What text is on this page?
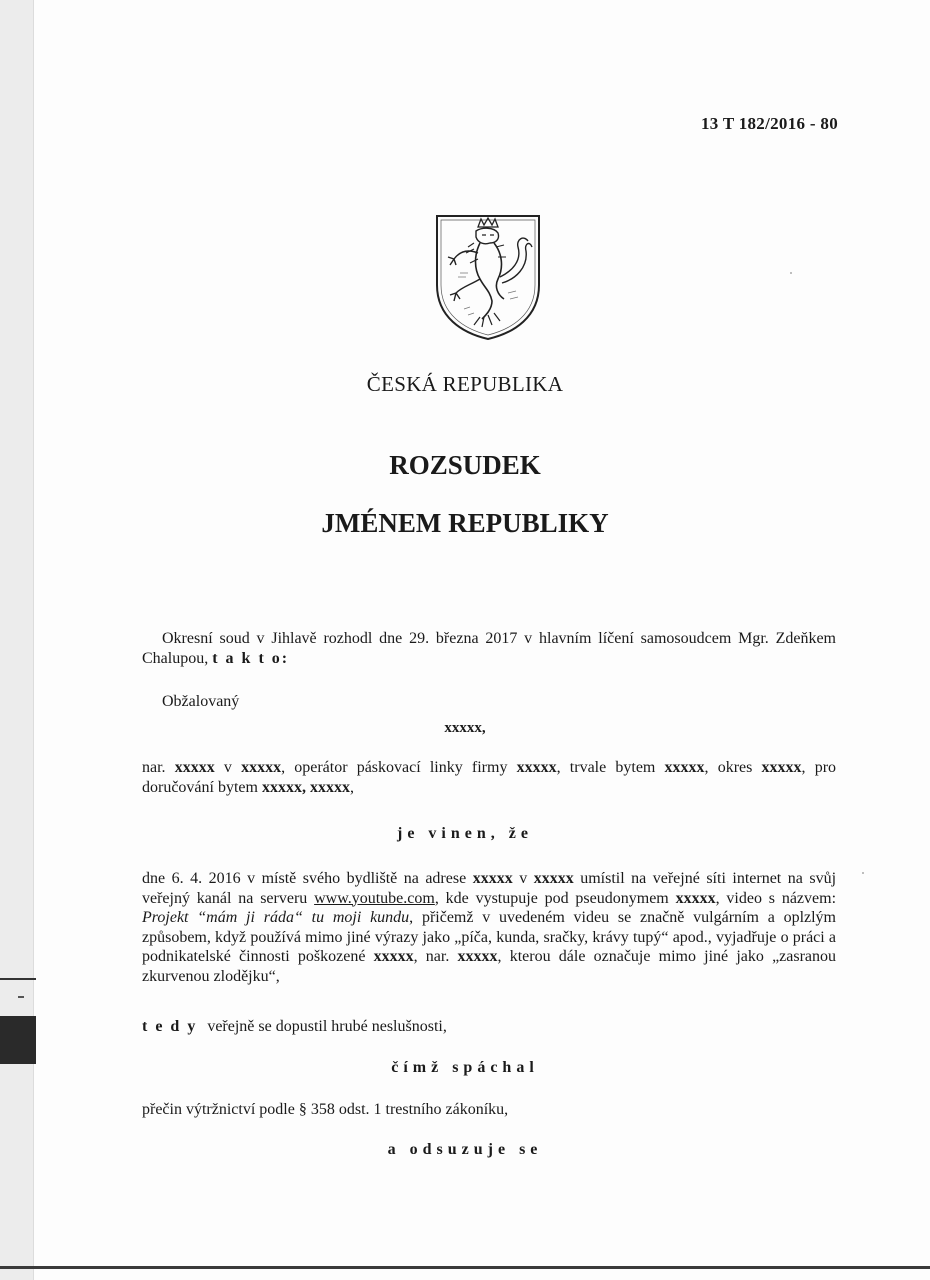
13 T 182/2016 - 80
ČESKÁ REPUBLIKA
ROZSUDEK
JMÉNEM REPUBLIKY
Okresní soud v Jihlavě rozhodl dne 29. března 2017 v hlavním líčení samosoudcem Mgr. Zdeňkem Chalupou, t a k t o:
Obžalovaný
xxxxx,
nar. xxxxx v xxxxx, operátor páskovací linky firmy xxxxx, trvale bytem xxxxx, okres xxxxx, pro doručování bytem xxxxx, xxxxx,
je vinen, že
dne 6. 4. 2016 v místě svého bydliště na adrese xxxxx v xxxxx umístil na veřejné síti internet na svůj veřejný kanál na serveru www.youtube.com, kde vystupuje pod pseudonymem xxxxx, video s názvem: Projekt “mám ji ráda“ tu moji kundu, přičemž v uvedeném videu se značně vulgárním a oplzlým způsobem, když používá mimo jiné výrazy jako „píča, kunda, sračky, krávy tupý“ apod., vyjadřuje o práci a podnikatelské činnosti poškozené xxxxx, nar. xxxxx, kterou dále označuje mimo jiné jako „zasranou zkurvenou zlodějku“,
t e d y veřejně se dopustil hrubé neslušnosti,
čímž spáchal
přečin výtržnictví podle § 358 odst. 1 trestního zákoníku,
a odsuzuje se
